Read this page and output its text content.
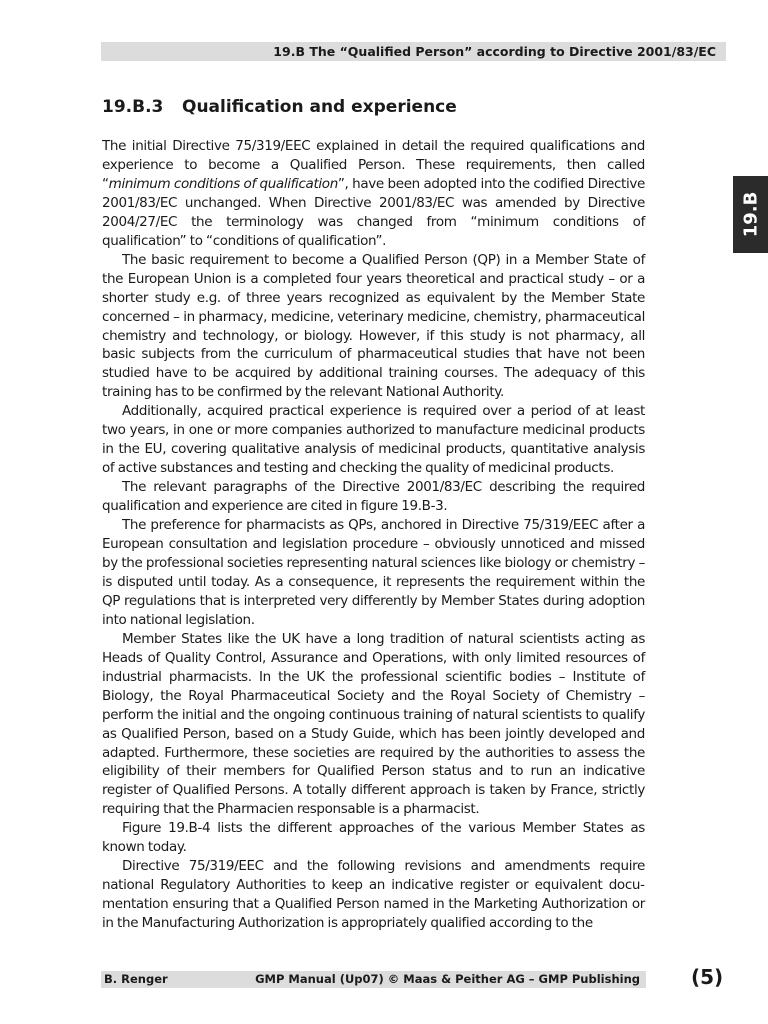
19.B The “Qualified Person” according to Directive 2001/83/EC
19.B
19.B.3 Qualification and experience

The initial Directive 75/319/EEC explained in detail the required qualifications and experience to become a Qualified Person. These requirements, then called “minimum conditions of qualification”, have been adopted into the codified Directive 2001/83/EC unchanged. When Directive 2001/83/EC was amended by Directive 2004/27/EC the terminology was changed from “minimum conditions of qualification” to “conditions of qualification”.

The basic requirement to become a Qualified Person (QP) in a Member State of the European Union is a completed four years theoretical and practical study – or a shorter study e.g. of three years recognized as equivalent by the Member State concerned – in pharmacy, medicine, veterinary medicine, chemistry, pharmaceutical chemistry and technology, or biology. However, if this study is not pharmacy, all basic subjects from the curriculum of pharmaceutical studies that have not been studied have to be acquired by additional training courses. The adequacy of this training has to be confirmed by the relevant National Authority.

Additionally, acquired practical experience is required over a period of at least two years, in one or more companies authorized to manufacture medicinal products in the EU, covering qualitative analysis of medicinal products, quantitative analysis of active substances and testing and checking the quality of medicinal products.

The relevant paragraphs of the Directive 2001/83/EC describing the required qualification and experience are cited in figure 19.B-3.

The preference for pharmacists as QPs, anchored in Directive 75/319/EEC after a European consultation and legislation procedure – obviously unnoticed and missed by the professional societies representing natural sciences like biology or chemistry – is disputed until today. As a consequence, it represents the requirement within the QP regulations that is interpreted very differently by Member States during adoption into national legislation.

Member States like the UK have a long tradition of natural scientists acting as Heads of Quality Control, Assurance and Operations, with only limited resources of industrial pharmacists. In the UK the professional scientific bodies – Institute of Biology, the Royal Pharmaceutical Society and the Royal Society of Chemistry – perform the initial and the ongoing continuous training of natural scientists to qualify as Qualified Person, based on a Study Guide, which has been jointly developed and adapted. Furthermore, these societies are required by the authorities to assess the eligibility of their members for Qualified Person status and to run an indicative register of Qualified Persons. A totally different approach is taken by France, strictly requiring that the Pharmacien responsable is a pharmacist.

Figure 19.B-4 lists the different approaches of the various Member States as known today.

Directive 75/319/EEC and the following revisions and amendments require national Regulatory Authorities to keep an indicative register or equivalent documentation ensuring that a Qualified Person named in the Marketing Authorization or in the Manufacturing Authorization is appropriately qualified according to the

B. Renger	GMP Manual (Up07) © Maas & Peither AG – GMP Publishing	(5)
